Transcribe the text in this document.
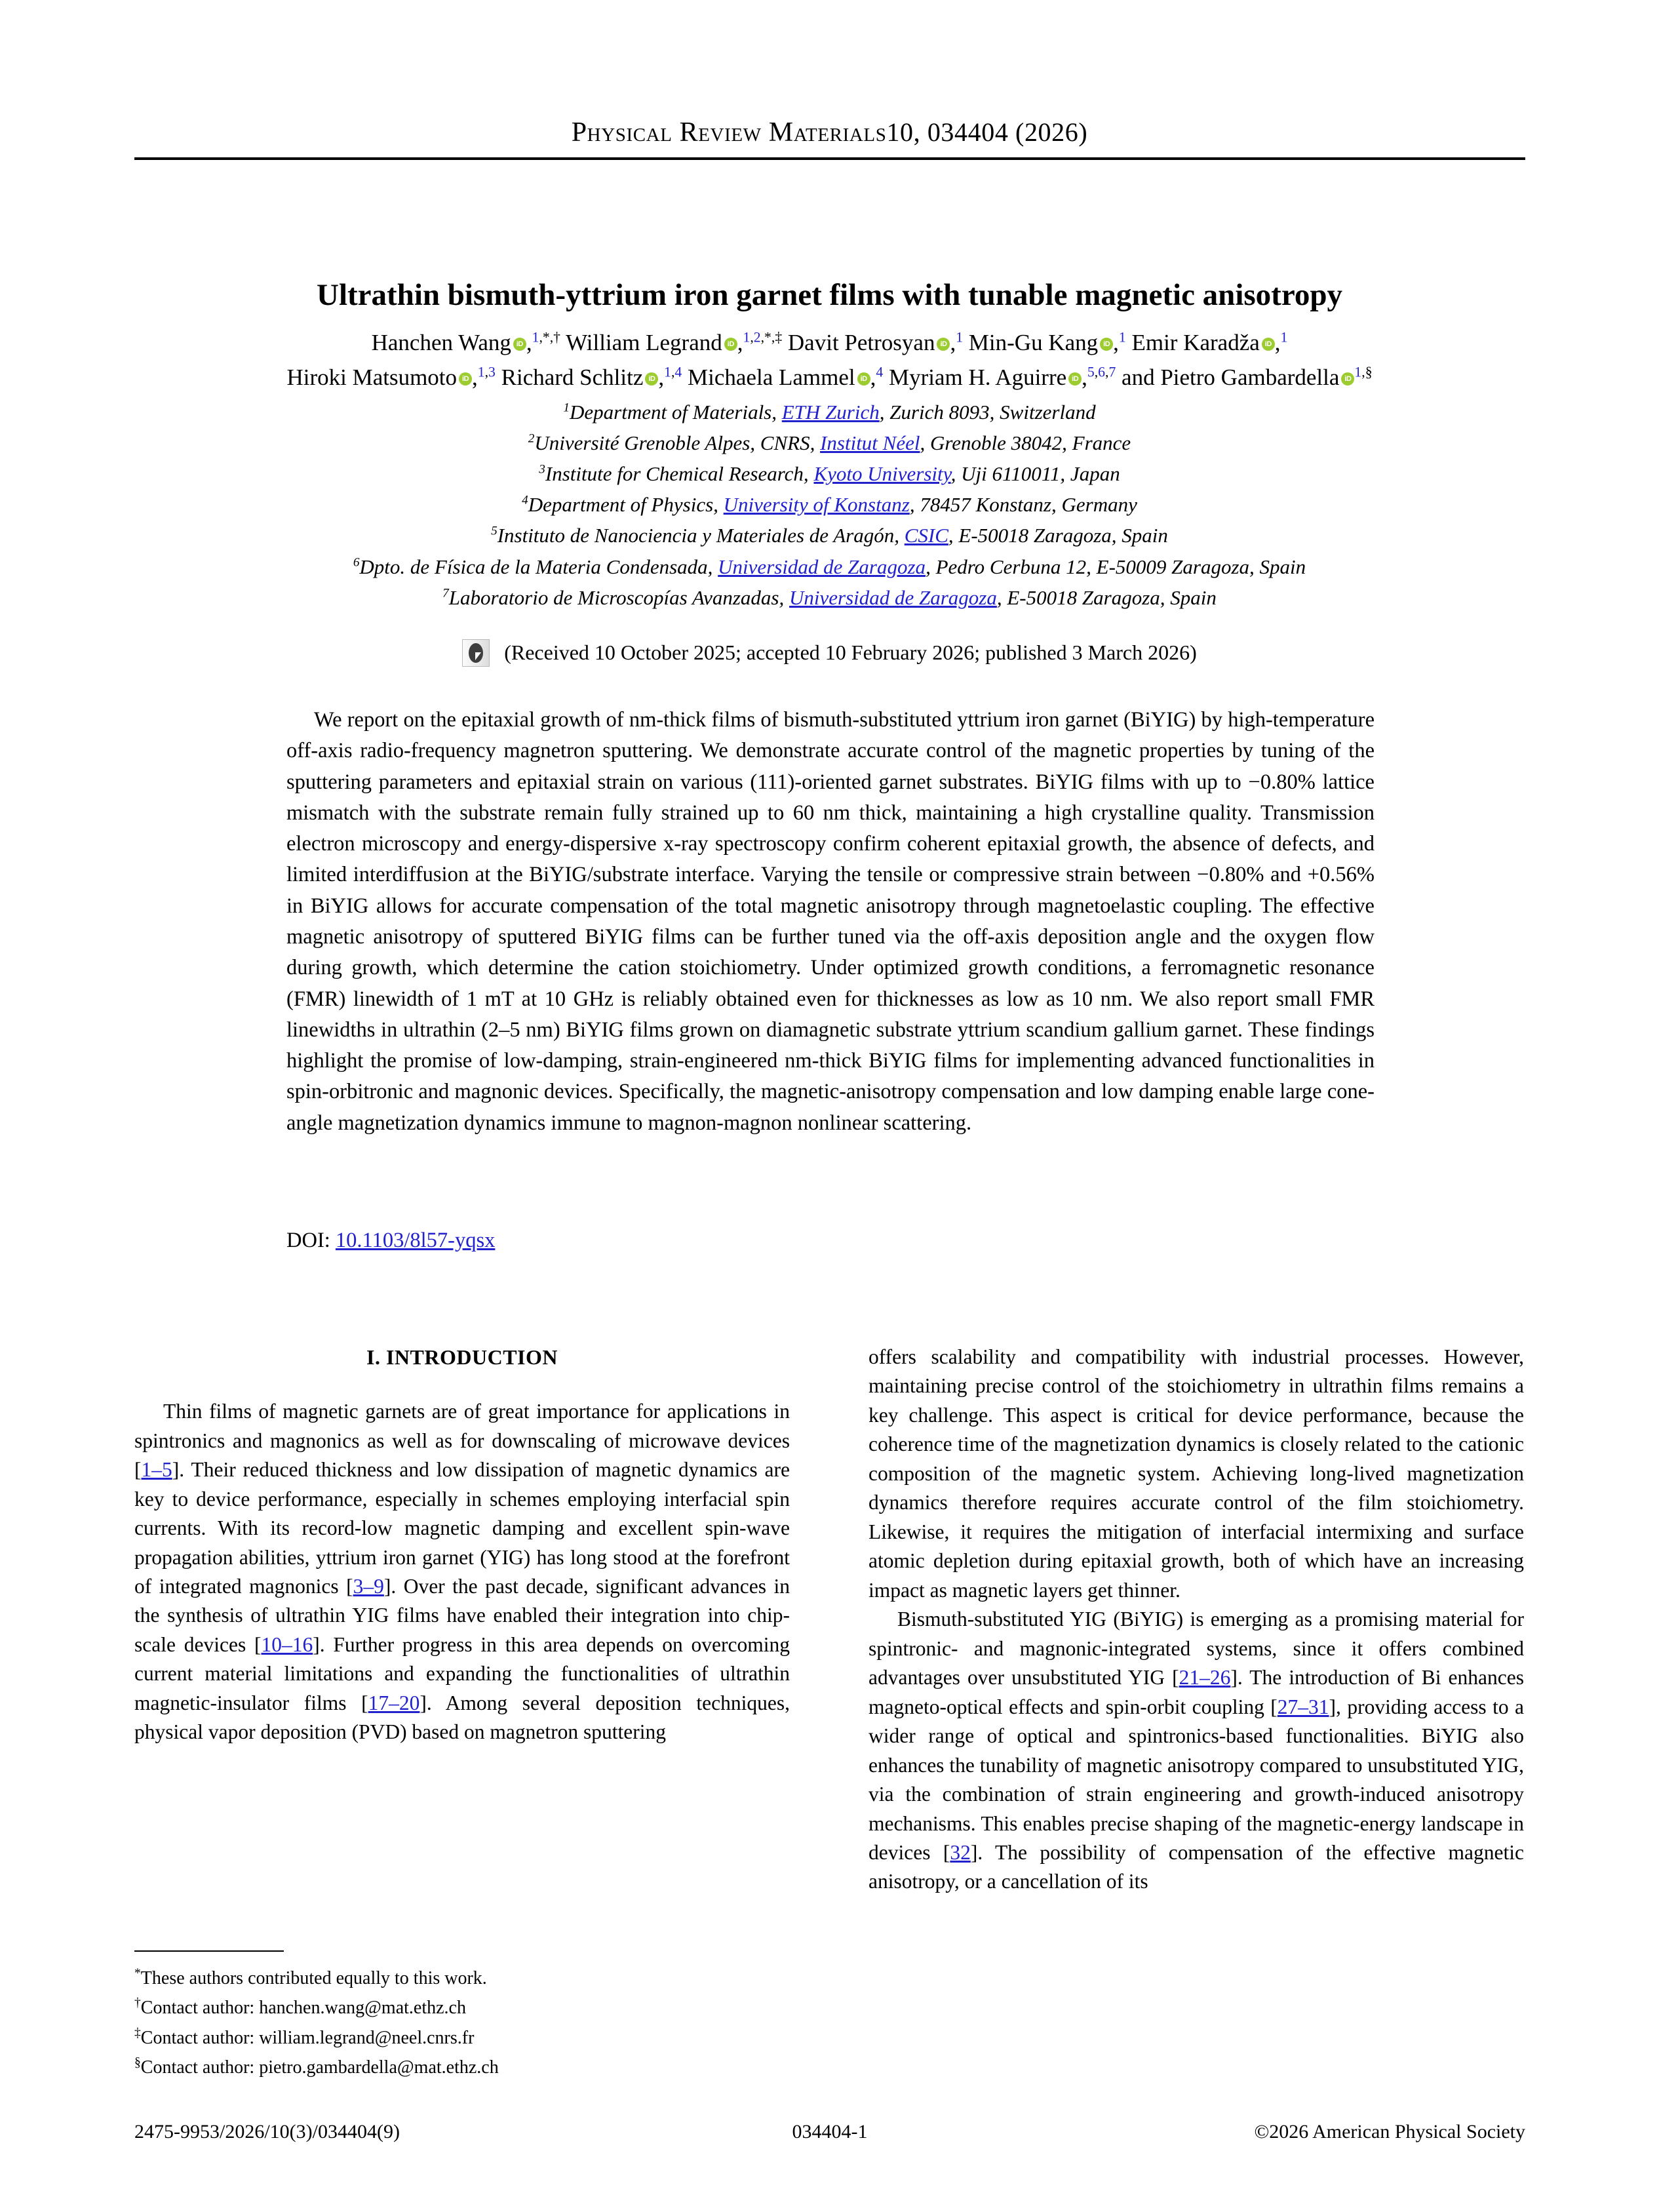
Physical Review Materials10, 034404 (2026)
Ultrathin bismuth-yttrium iron garnet films with tunable magnetic anisotropy
Hanchen Wang iD ,$^{1,*,\dagger}$ William Legrand iD ,$^{1,2,*,\ddagger}$ Davit Petrosyan iD ,$^1$ Min-Gu Kang iD ,$^1$ Emir Karadža iD ,$^1$
Hiroki Matsumoto iD ,$^{1,3}$ Richard Schlitz iD ,$^{1,4}$ Michaela Lammel iD ,$^4$ Myriam H. Aguirre iD ,$^{5,6,7}$ and Pietro Gambardella iD $^{1,\S}$
$^1$Department of Materials, ETH Zurich, Zurich 8093, Switzerland
$^2$Université Grenoble Alpes, CNRS, Institut Néel, Grenoble 38042, France
$^3$Institute for Chemical Research, Kyoto University, Uji 6110011, Japan
$^4$Department of Physics, University of Konstanz, 78457 Konstanz, Germany
$^5$Instituto de Nanociencia y Materiales de Aragón, CSIC, E-50018 Zaragoza, Spain
$^6$Dpto. de Física de la Materia Condensada, Universidad de Zaragoza, Pedro Cerbuna 12, E-50009 Zaragoza, Spain
$^7$Laboratorio de Microscopías Avanzadas, Universidad de Zaragoza, E-50018 Zaragoza, Spain
(Received 10 October 2025; accepted 10 February 2026; published 3 March 2026)
We report on the epitaxial growth of nm-thick films of bismuth-substituted yttrium iron garnet (BiYIG) by high-temperature off-axis radio-frequency magnetron sputtering. We demonstrate accurate control of the magnetic properties by tuning of the sputtering parameters and epitaxial strain on various (111)-oriented garnet substrates. BiYIG films with up to −0.80% lattice mismatch with the substrate remain fully strained up to 60 nm thick, maintaining a high crystalline quality. Transmission electron microscopy and energy-dispersive x-ray spectroscopy confirm coherent epitaxial growth, the absence of defects, and limited interdiffusion at the BiYIG/substrate interface. Varying the tensile or compressive strain between −0.80% and +0.56% in BiYIG allows for accurate compensation of the total magnetic anisotropy through magnetoelastic coupling. The effective magnetic anisotropy of sputtered BiYIG films can be further tuned via the off-axis deposition angle and the oxygen flow during growth, which determine the cation stoichiometry. Under optimized growth conditions, a ferromagnetic resonance (FMR) linewidth of 1 mT at 10 GHz is reliably obtained even for thicknesses as low as 10 nm. We also report small FMR linewidths in ultrathin (2–5 nm) BiYIG films grown on diamagnetic substrate yttrium scandium gallium garnet. These findings highlight the promise of low-damping, strain-engineered nm-thick BiYIG films for implementing advanced functionalities in spin-orbitronic and magnonic devices. Specifically, the magnetic-anisotropy compensation and low damping enable large cone-angle magnetization dynamics immune to magnon-magnon nonlinear scattering.
DOI: 10.1103/8l57-yqsx
I. INTRODUCTION

Thin films of magnetic garnets are of great importance for applications in spintronics and magnonics as well as for downscaling of microwave devices [1–5]. Their reduced thickness and low dissipation of magnetic dynamics are key to device performance, especially in schemes employing interfacial spin currents. With its record-low magnetic damping and excellent spin-wave propagation abilities, yttrium iron garnet (YIG) has long stood at the forefront of integrated magnonics [3–9]. Over the past decade, significant advances in the synthesis of ultrathin YIG films have enabled their integration into chip-scale devices [10–16]. Further progress in this area depends on overcoming current material limitations and expanding the functionalities of ultrathin magnetic-insulator films [17–20]. Among several deposition techniques, physical vapor deposition (PVD) based on magnetron sputtering

offers scalability and compatibility with industrial processes. However, maintaining precise control of the stoichiometry in ultrathin films remains a key challenge. This aspect is critical for device performance, because the coherence time of the magnetization dynamics is closely related to the cationic composition of the magnetic system. Achieving long-lived magnetization dynamics therefore requires accurate control of the film stoichiometry. Likewise, it requires the mitigation of interfacial intermixing and surface atomic depletion during epitaxial growth, both of which have an increasing impact as magnetic layers get thinner.

Bismuth-substituted YIG (BiYIG) is emerging as a promising material for spintronic- and magnonic-integrated systems, since it offers combined advantages over unsubstituted YIG [21–26]. The introduction of Bi enhances magneto-optical effects and spin-orbit coupling [27–31], providing access to a wider range of optical and spintronics-based functionalities. BiYIG also enhances the tunability of magnetic anisotropy compared to unsubstituted YIG, via the combination of strain engineering and growth-induced anisotropy mechanisms. This enables precise shaping of the magnetic-energy landscape in devices [32]. The possibility of compensation of the effective magnetic anisotropy, or a cancellation of its

*These authors contributed equally to this work.
†Contact author: hanchen.wang@mat.ethz.ch
‡Contact author: william.legrand@neel.cnrs.fr
§Contact author: pietro.gambardella@mat.ethz.ch
2475-9953/2026/10(3)/034404(9)	034404-1	©2026 American Physical Society
